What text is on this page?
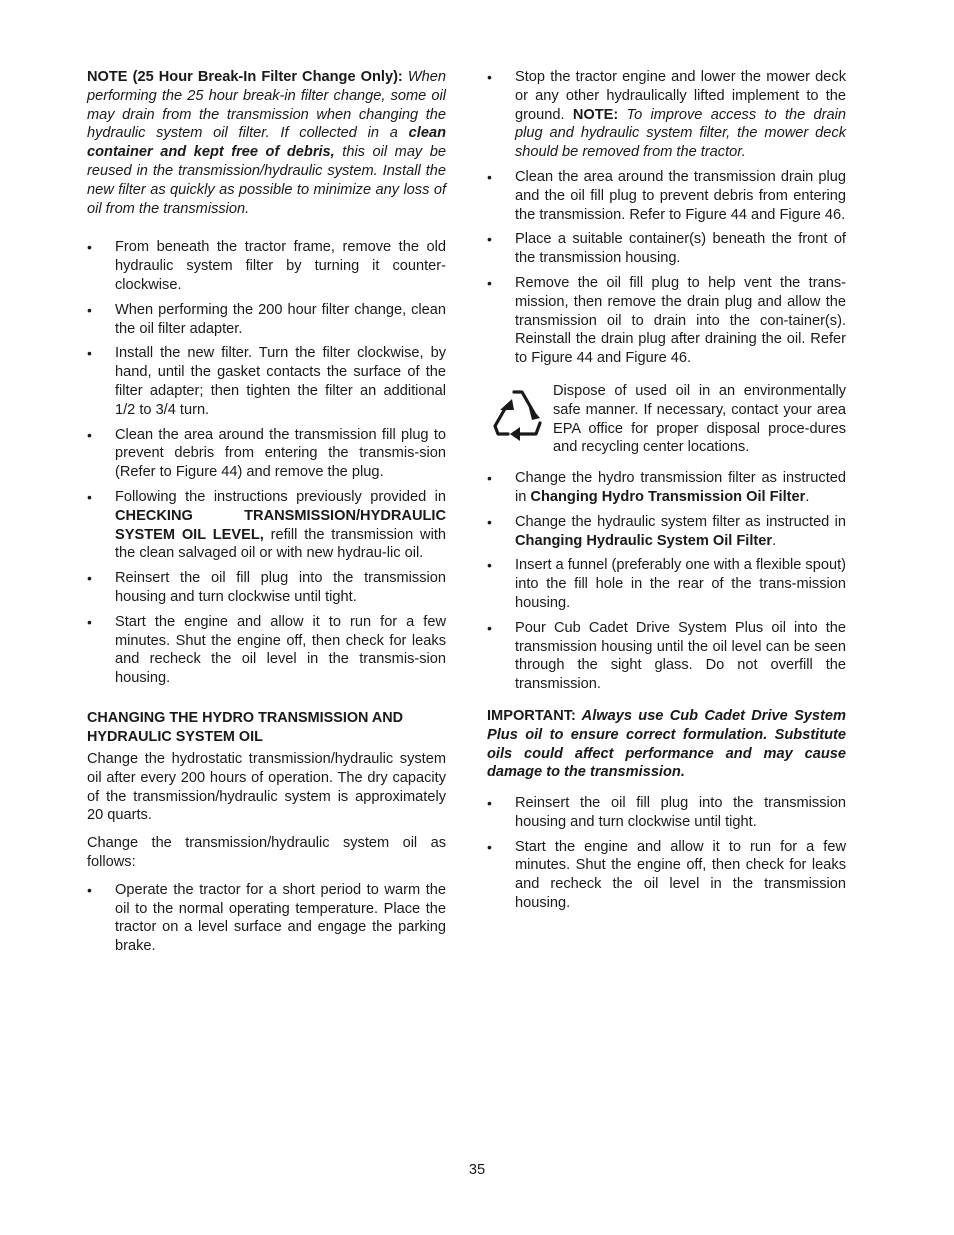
NOTE (25 Hour Break-In Filter Change Only): When performing the 25 hour break-in filter change, some oil may drain from the transmission when changing the hydraulic system oil filter. If collected in a clean container and kept free of debris, this oil may be reused in the transmission/hydraulic system. Install the new filter as quickly as possible to minimize any loss of oil from the transmission.

• From beneath the tractor frame, remove the old hydraulic system filter by turning it counter-clockwise.
• When performing the 200 hour filter change, clean the oil filter adapter.
• Install the new filter. Turn the filter clockwise, by hand, until the gasket contacts the surface of the filter adapter; then tighten the filter an additional 1/2 to 3/4 turn.
• Clean the area around the transmission fill plug to prevent debris from entering the transmis-sion (Refer to Figure 44) and remove the plug.
• Following the instructions previously provided in CHECKING TRANSMISSION/HYDRAULIC SYSTEM OIL LEVEL, refill the transmission with the clean salvaged oil or with new hydrau-lic oil.
• Reinsert the oil fill plug into the transmission housing and turn clockwise until tight.
• Start the engine and allow it to run for a few minutes. Shut the engine off, then check for leaks and recheck the oil level in the transmis-sion housing.

CHANGING THE HYDRO TRANSMISSION AND
HYDRAULIC SYSTEM OIL

Change the hydrostatic transmission/hydraulic system oil after every 200 hours of operation. The dry capacity of the transmission/hydraulic system is approximately 20 quarts.

Change the transmission/hydraulic system oil as follows:

• Operate the tractor for a short period to warm the oil to the normal operating temperature. Place the tractor on a level surface and engage the parking brake.
• Stop the tractor engine and lower the mower deck or any other hydraulically lifted implement to the ground. NOTE: To improve access to the drain plug and hydraulic system filter, the mower deck should be removed from the tractor.
• Clean the area around the transmission drain plug and the oil fill plug to prevent debris from entering the transmission. Refer to Figure 44 and Figure 46.
• Place a suitable container(s) beneath the front of the transmission housing.
• Remove the oil fill plug to help vent the trans-mission, then remove the drain plug and allow the transmission oil to drain into the con-tainer(s). Reinstall the drain plug after draining the oil. Refer to Figure 44 and Figure 46.

Dispose of used oil in an environmentally safe manner. If necessary, contact your area EPA office for proper disposal proce-dures and recycling center locations.

• Change the hydro transmission filter as instructed in Changing Hydro Transmission Oil Filter.
• Change the hydraulic system filter as instructed in Changing Hydraulic System Oil Filter.
• Insert a funnel (preferably one with a flexible spout) into the fill hole in the rear of the trans-mission housing.
• Pour Cub Cadet Drive System Plus oil into the transmission housing until the oil level can be seen through the sight glass. Do not overfill the transmission.

IMPORTANT: Always use Cub Cadet Drive System Plus oil to ensure correct formulation. Substitute oils could affect performance and may cause damage to the transmission.

• Reinsert the oil fill plug into the transmission housing and turn clockwise until tight.
• Start the engine and allow it to run for a few minutes. Shut the engine off, then check for leaks and recheck the oil level in the transmission housing.
35
